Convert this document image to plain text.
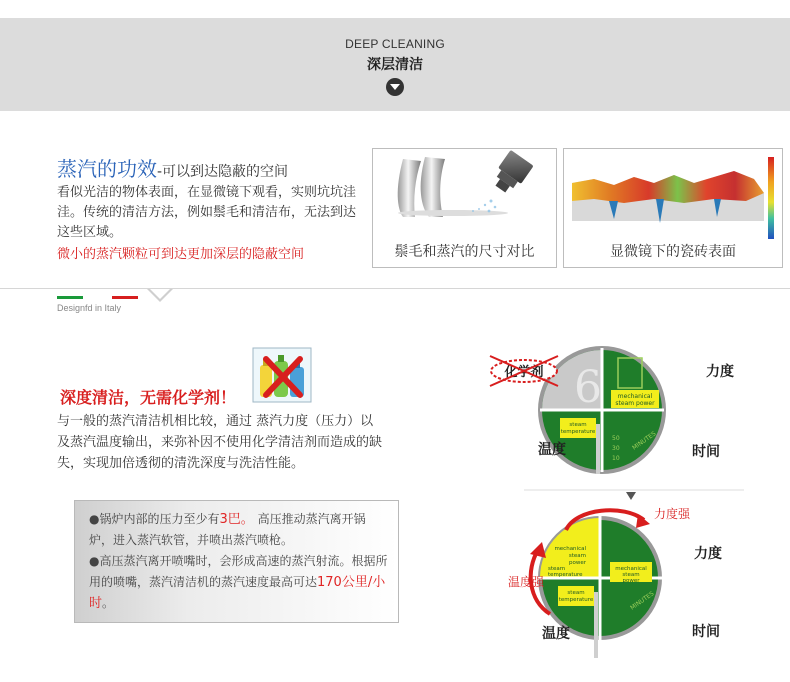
DEEP CLEANING
深层清洁
蒸汽的功效-可以到达隐蔽的空间
看似光洁的物体表面，在显微镜下观看，实则坑坑洼洼。传统的清洁方法，例如鬃毛和清洁布，无法到达这些区域。
微小的蒸汽颗粒可到达更加深层的隐蔽空间	鬃毛和蒸汽的尺寸对比	显微镜下的瓷砖表面
Designfd in Italy
深度清洁，无需化学剂！
与一般的蒸汽清洁机相比较，通过 蒸汽力度（压力）以及蒸汽温度输出，来弥补因不使用化学清洁剂而造成的缺失，实现加倍透彻的清洗深度与洗洁性能。
●锅炉内部的压力至少有3巴。 高压推动蒸汽离开锅炉，进入蒸汽软管，并喷出蒸汽喷枪。
●高压蒸汽离开喷嘴时，会形成高速的蒸汽射流。根据所用的喷嘴，蒸汽清洁机的蒸汽速度最高可达170公里/小时。
6	mechanical
steam power
steam
temperature
50
30
10
MINUTES
化学剂	力度
温度	时间
mechanical
steam
power
steam
temperature
mechanical
steam
power
steam
temperature	MINUTES
力度强
温度强
力度
温度	时间
